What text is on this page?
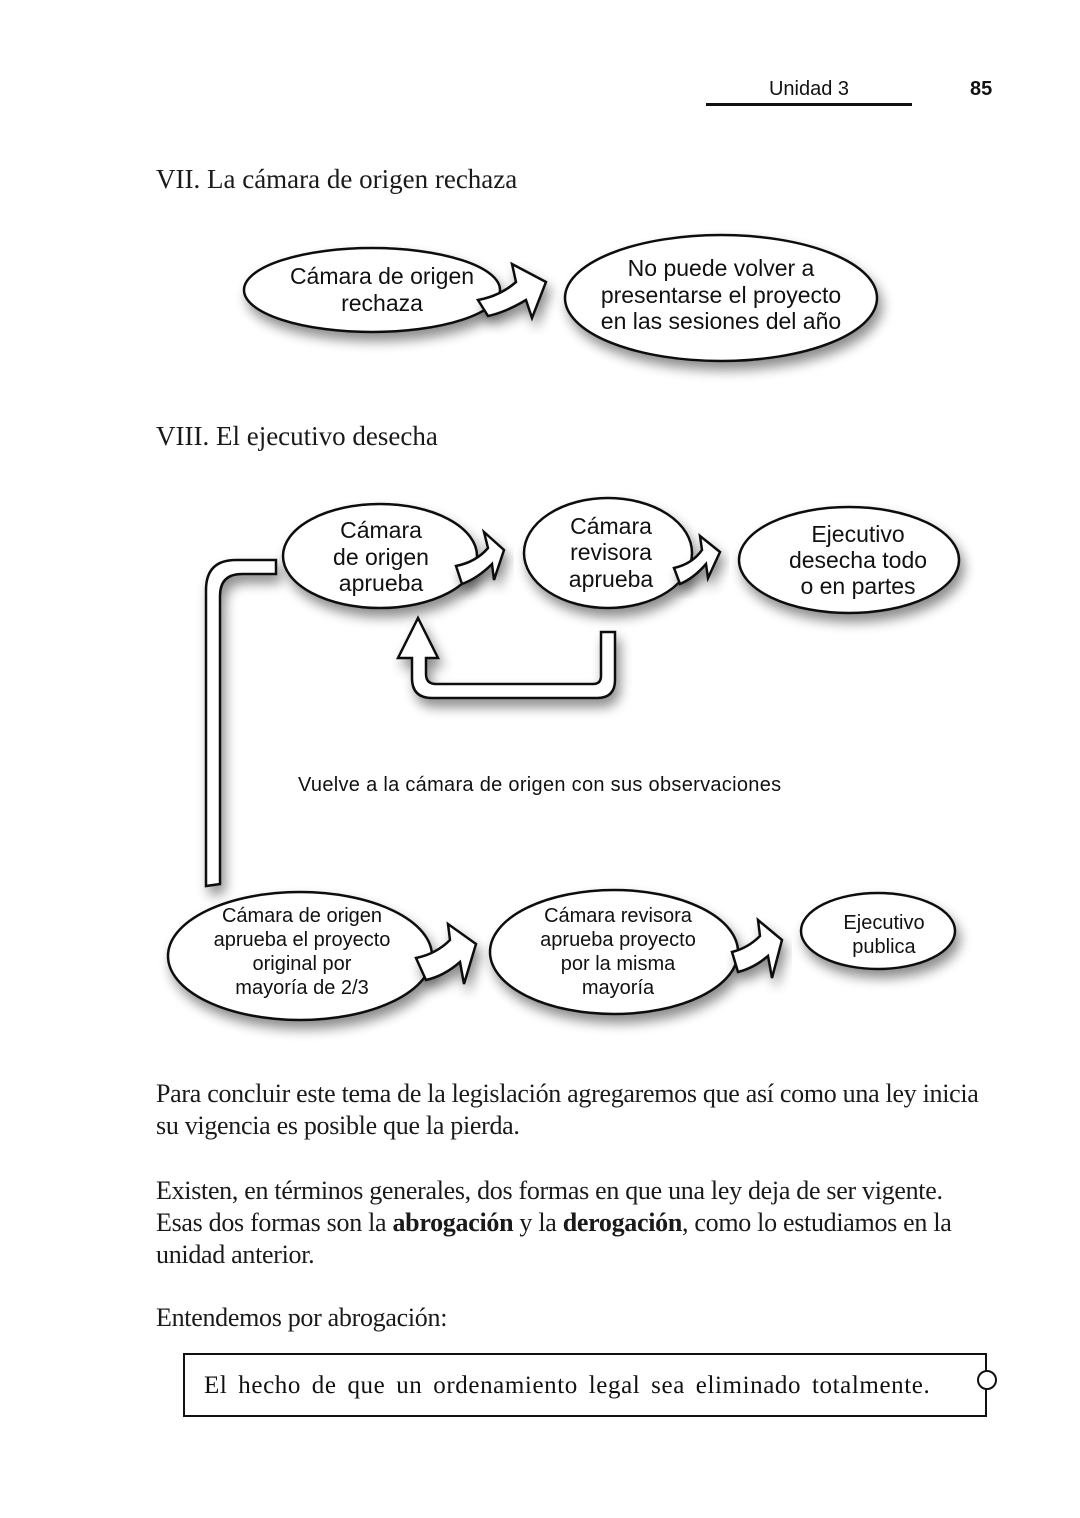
Unidad 3	85
VII. La cámara de origen rechaza
VIII. El ejecutivo desecha
Cámara de origen rechaza
No puede volver a presentarse el proyecto en las sesiones del año
Cámara de origen aprueba
Cámara revisora aprueba
Ejecutivo desecha todo o en partes
Cámara de origen aprueba el proyecto original por mayoría de 2/3
Cámara revisora aprueba proyecto por la misma mayoría
Ejecutivo publica
Vuelve a la cámara de origen con sus observaciones
Para concluir este tema de la legislación agregaremos que así como una ley inicia su vigencia es posible que la pierda.
Existen, en términos generales, dos formas en que una ley deja de ser vigente. Esas dos formas son la abrogación y la derogación, como lo estudiamos en la unidad anterior.
Entendemos por abrogación:
El hecho de que un ordenamiento legal sea eliminado totalmente.
